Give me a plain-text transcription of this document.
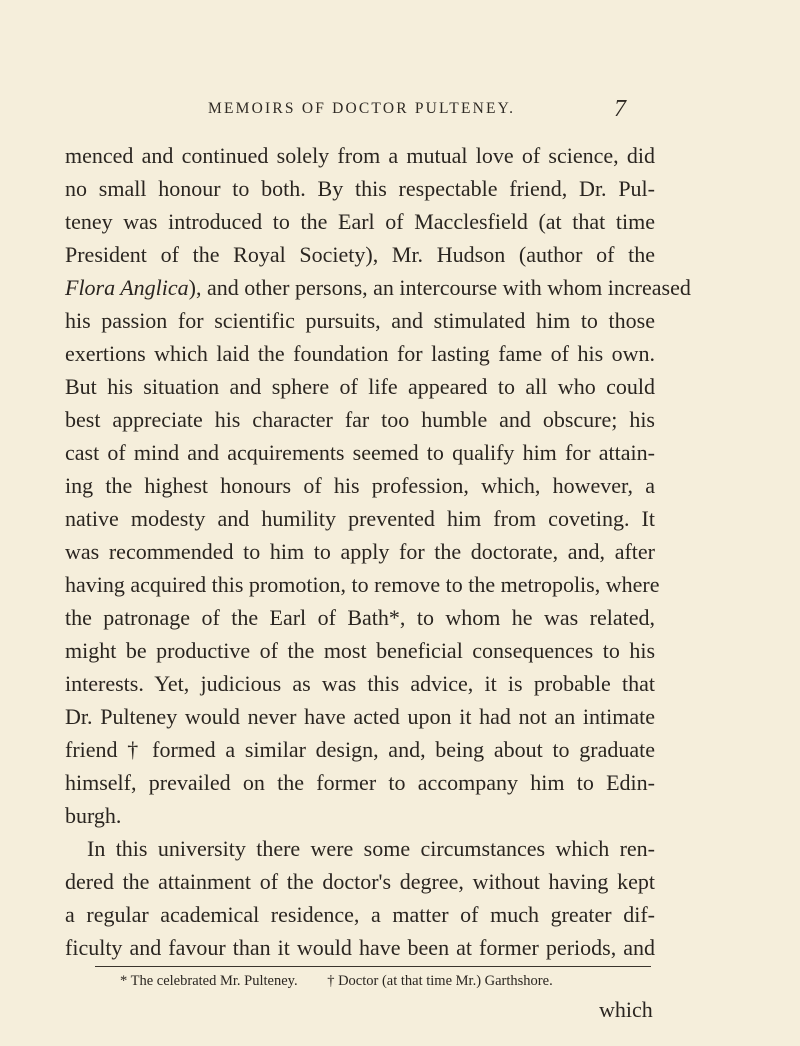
MEMOIRS OF DOCTOR PULTENEY.	7
menced and continued solely from a mutual love of science, did
no small honour to both. By this respectable friend, Dr. Pul-
teney was introduced to the Earl of Macclesfield (at that time
President of the Royal Society), Mr. Hudson (author of the
Flora Anglica), and other persons, an intercourse with whom increased
his passion for scientific pursuits, and stimulated him to those
exertions which laid the foundation for lasting fame of his own.
But his situation and sphere of life appeared to all who could
best appreciate his character far too humble and obscure; his
cast of mind and acquirements seemed to qualify him for attain-
ing the highest honours of his profession, which, however, a
native modesty and humility prevented him from coveting. It
was recommended to him to apply for the doctorate, and, after
having acquired this promotion, to remove to the metropolis, where
the patronage of the Earl of Bath*, to whom he was related,
might be productive of the most beneficial consequences to his
interests. Yet, judicious as was this advice, it is probable that
Dr. Pulteney would never have acted upon it had not an intimate
friend † formed a similar design, and, being about to graduate
himself, prevailed on the former to accompany him to Edin-
burgh.
In this university there were some circumstances which ren-
dered the attainment of the doctor's degree, without having kept
a regular academical residence, a matter of much greater dif-
ficulty and favour than it would have been at former periods, and
* The celebrated Mr. Pulteney. † Doctor (at that time Mr.) Garthshore.
which
